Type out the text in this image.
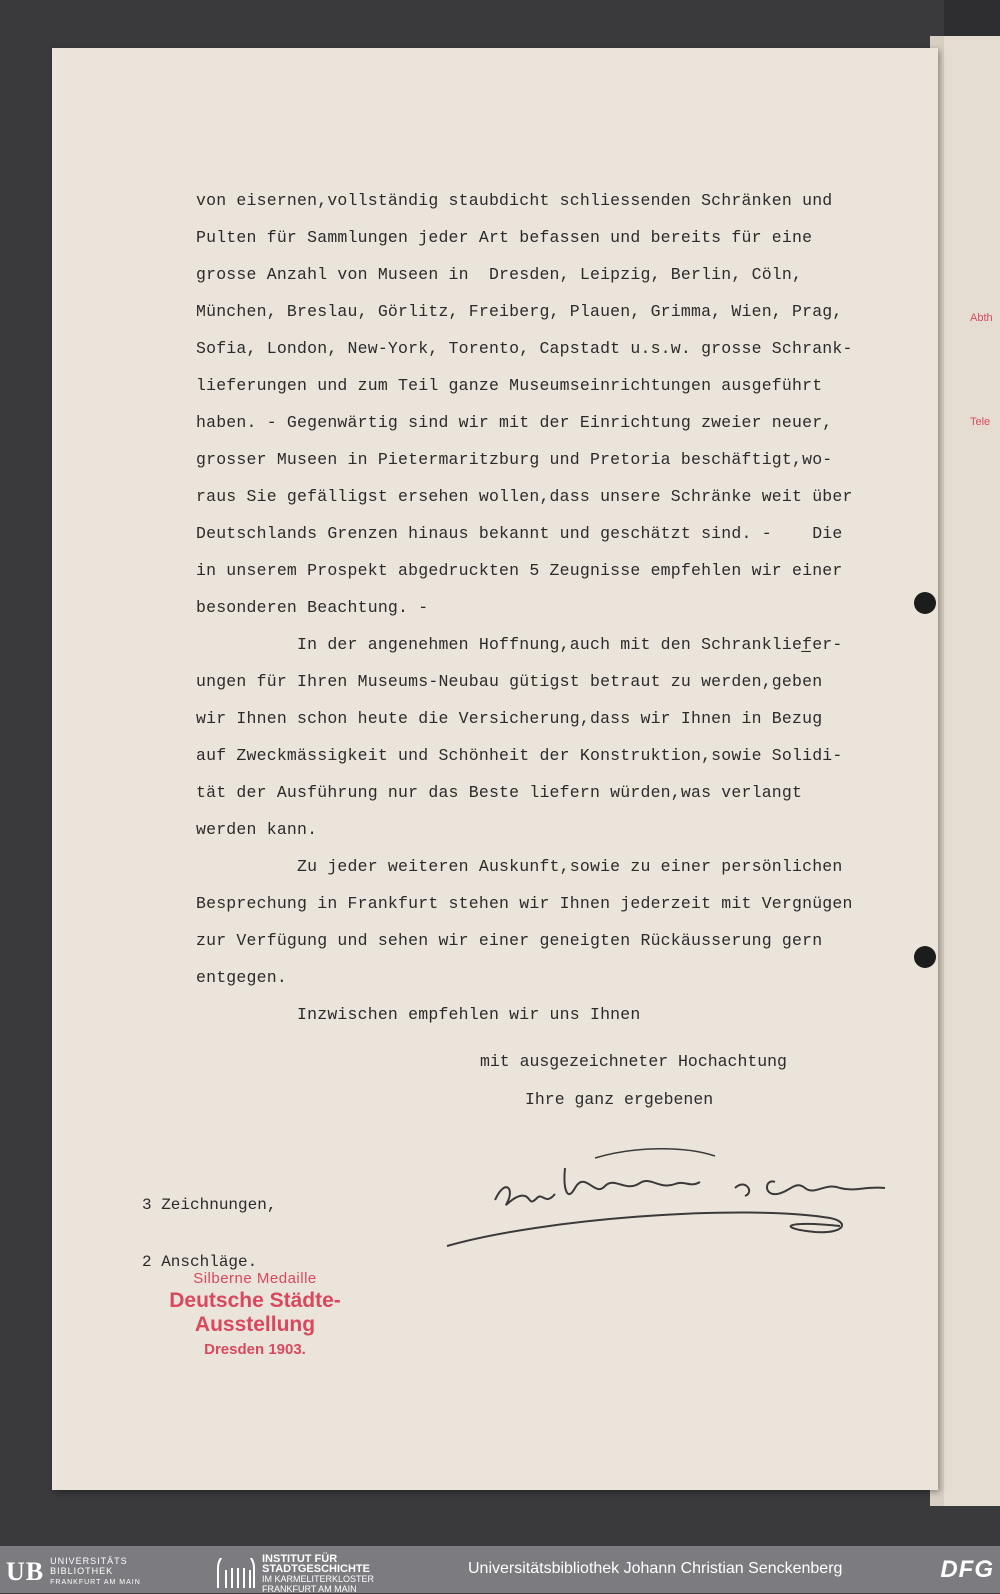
Abth
Tele
von eisernen,vollständig staubdicht schliessenden Schränken und
Pulten für Sammlungen jeder Art befassen und bereits für eine
grosse Anzahl von Museen in  Dresden, Leipzig, Berlin, Cöln,
München, Breslau, Görlitz, Freiberg, Plauen, Grimma, Wien, Prag,
Sofia, London, New-York, Torento, Capstadt u.s.w. grosse Schrank-
lieferungen und zum Teil ganze Museumseinrichtungen ausgeführt
haben. - Gegenwärtig sind wir mit der Einrichtung zweier neuer,
grosser Museen in Pietermaritzburg und Pretoria beschäftigt,wo-
raus Sie gefälligst ersehen wollen,dass unsere Schränke weit über
Deutschlands Grenzen hinaus bekannt und geschätzt sind. -    Die
in unserem Prospekt abgedruckten 5 Zeugnisse empfehlen wir einer
besonderen Beachtung. -
In der angenehmen Hoffnung,auch mit den Schranklief̲er-
ungen für Ihren Museums-Neubau gütigst betraut zu werden,geben
wir Ihnen schon heute die Versicherung,dass wir Ihnen in Bezug
auf Zweckmässigkeit und Schönheit der Konstruktion,sowie Solidi-
tät der Ausführung nur das Beste liefern würden,was verlangt
werden kann.
Zu jeder weiteren Auskunft,sowie zu einer persönlichen
Besprechung in Frankfurt stehen wir Ihnen jederzeit mit Vergnügen
zur Verfügung und sehen wir einer geneigten Rückäusserung gern
entgegen.
Inzwischen empfehlen wir uns Ihnen
mit ausgezeichneter Hochachtung
Ihre ganz ergebenen

3 Zeichnungen,

2 Anschläge.

Silberne Medaille
Deutsche Städte-Ausstellung
Dresden 1903.
UB UNIVERSITÄTS
BIBLIOTHEK
FRANKFURT AM MAIN
INSTITUT FÜR
STADTGESCHICHTE
IM KARMELITERKLOSTER
FRANKFURT AM MAIN
Universitätsbibliothek Johann Christian Senckenberg	DFG
